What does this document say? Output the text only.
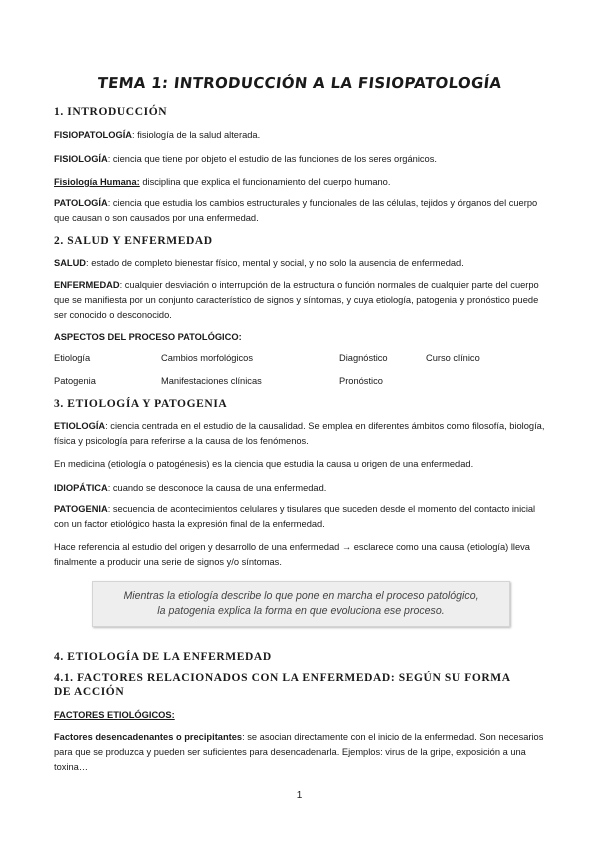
TEMA 1: INTRODUCCIÓN A LA FISIOPATOLOGÍA
1. INTRODUCCIÓN
FISIOPATOLOGÍA: fisiología de la salud alterada.
FISIOLOGÍA: ciencia que tiene por objeto el estudio de las funciones de los seres orgánicos.
Fisiología Humana: disciplina que explica el funcionamiento del cuerpo humano.
PATOLOGÍA: ciencia que estudia los cambios estructurales y funcionales de las células, tejidos y órganos del cuerpo que causan o son causados por una enfermedad.
2. SALUD Y ENFERMEDAD
SALUD: estado de completo bienestar físico, mental y social, y no solo la ausencia de enfermedad.
ENFERMEDAD: cualquier desviación o interrupción de la estructura o función normales de cualquier parte del cuerpo que se manifiesta por un conjunto característico de signos y síntomas, y cuya etiología, patogenia y pronóstico puede ser conocido o desconocido.
ASPECTOS DEL PROCESO PATOLÓGICO:
Etiología	Cambios morfológicos	Diagnóstico	Curso clínico
Patogenia	Manifestaciones clínicas	Pronóstico
3. ETIOLOGÍA Y PATOGENIA
ETIOLOGÍA: ciencia centrada en el estudio de la causalidad. Se emplea en diferentes ámbitos como filosofía, biología, física y psicología para referirse a la causa de los fenómenos.
En medicina (etiología o patogénesis) es la ciencia que estudia la causa u origen de una enfermedad.
IDIOPÁTICA: cuando se desconoce la causa de una enfermedad.
PATOGENIA: secuencia de acontecimientos celulares y tisulares que suceden desde el momento del contacto inicial con un factor etiológico hasta la expresión final de la enfermedad.
Hace referencia al estudio del origen y desarrollo de una enfermedad → esclarece como una causa (etiología) lleva finalmente a producir una serie de signos y/o síntomas.
Mientras la etiología describe lo que pone en marcha el proceso patológico,
la patogenia explica la forma en que evoluciona ese proceso.
4. ETIOLOGÍA DE LA ENFERMEDAD
4.1. FACTORES RELACIONADOS CON LA ENFERMEDAD: SEGÚN SU FORMA DE ACCIÓN
FACTORES ETIOLÓGICOS:
Factores desencadenantes o precipitantes: se asocian directamente con el inicio de la enfermedad. Son necesarios para que se produzca y pueden ser suficientes para desencadenarla. Ejemplos: virus de la gripe, exposición a una toxina…
1
